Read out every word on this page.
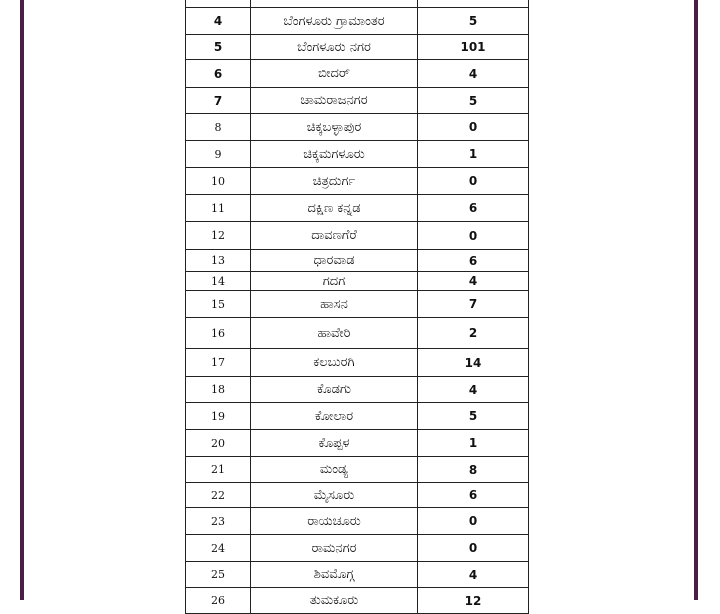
4	ಬೆಂಗಳೂರು ಗ್ರಾಮಾಂತರ	5
5	ಬೆಂಗಳೂರು ನಗರ	101
6	ಬೀದರ್	4
7	ಚಾಮರಾಜನಗರ	5
8	ಚಿಕ್ಕಬಳ್ಳಾಪುರ	0
9	ಚಿಕ್ಕಮಗಳೂರು	1
10	ಚಿತ್ರದುರ್ಗ	0
11	ದಕ್ಷಿಣ ಕನ್ನಡ	6
12	ದಾವಣಗೆರೆ	0
13	ಧಾರವಾಡ	6
14	ಗದಗ	4
15	ಹಾಸನ	7
16	ಹಾವೇರಿ	2
17	ಕಲಬುರಗಿ	14
18	ಕೊಡಗು	4
19	ಕೋಲಾರ	5
20	ಕೊಪ್ಪಳ	1
21	ಮಂಡ್ಯ	8
22	ಮೈಸೂರು	6
23	ರಾಯಚೂರು	0
24	ರಾಮನಗರ	0
25	ಶಿವಮೊಗ್ಗ	4
26	ತುಮಕೂರು	12
